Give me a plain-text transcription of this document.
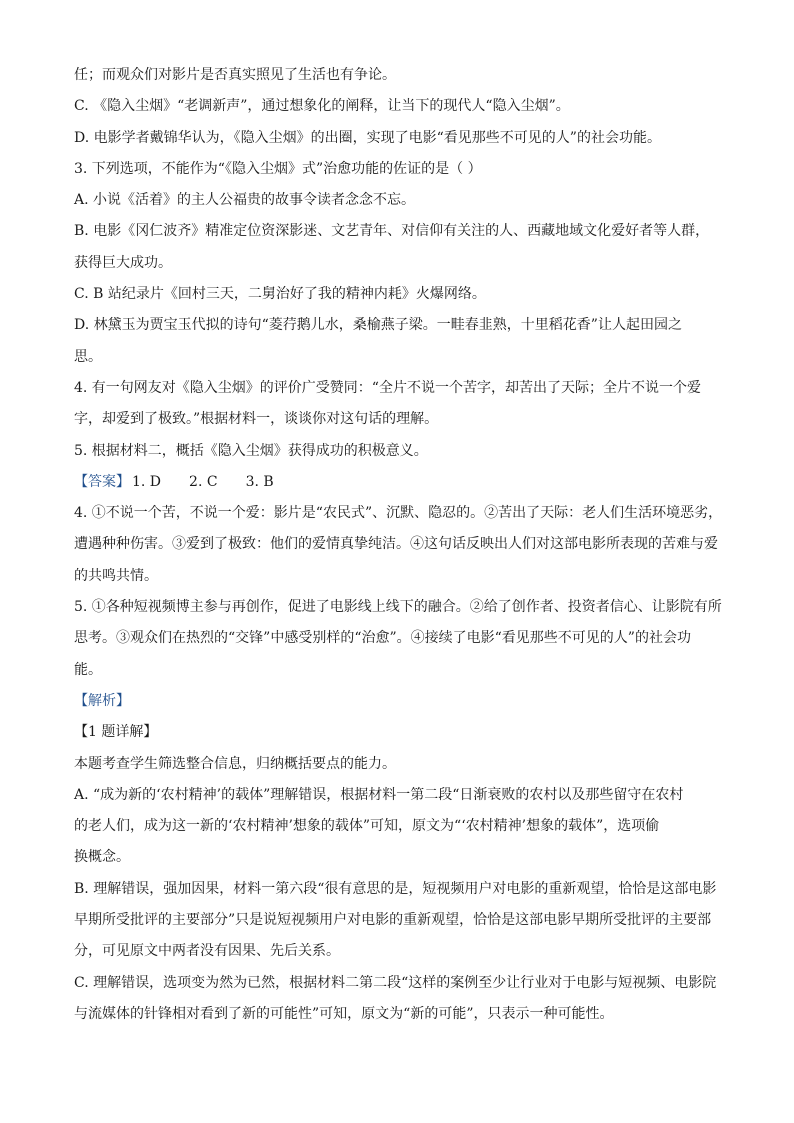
任；而观众们对影片是否真实照见了生活也有争论。
C. 《隐入尘烟》“老调新声”，通过想象化的阐释，让当下的现代人“隐入尘烟”。
D. 电影学者戴锦华认为，《隐入尘烟》的出圈，实现了电影“看见那些不可见的人”的社会功能。
3. 下列选项，不能作为“《隐入尘烟》式”治愈功能的佐证的是（ ）
A. 小说《活着》的主人公福贵的故事令读者念念不忘。
B. 电影《冈仁波齐》精准定位资深影迷、文艺青年、对信仰有关注的人、西藏地域文化爱好者等人群，
获得巨大成功。
C. B 站纪录片《回村三天，二舅治好了我的精神内耗》火爆网络。
D. 林黛玉为贾宝玉代拟的诗句“菱荇鹅儿水，桑榆燕子梁。一畦春韭熟，十里稻花香”让人起田园之
思。
4. 有一句网友对《隐入尘烟》的评价广受赞同：“全片不说一个苦字，却苦出了天际；全片不说一个爱
字，却爱到了极致。”根据材料一，谈谈你对这句话的理解。
5. 根据材料二，概括《隐入尘烟》获得成功的积极意义。
【答案】 1. D 2. C 3. B
4. ①不说一个苦，不说一个爱：影片是“农民式”、沉默、隐忍的。②苦出了天际：老人们生活环境恶劣，
遭遇种种伤害。③爱到了极致：他们的爱情真挚纯洁。④这句话反映出人们对这部电影所表现的苦难与爱
的共鸣共情。
5. ①各种短视频博主参与再创作，促进了电影线上线下的融合。②给了创作者、投资者信心、让影院有所
思考。③观众们在热烈的“交锋”中感受别样的“治愈”。④接续了电影“看见那些不可见的人”的社会功
能。
【解析】
【1 题详解】
本题考查学生筛选整合信息，归纳概括要点的能力。
A. “成为新的‘农村精神’的载体”理解错误，根据材料一第二段“日渐衰败的农村以及那些留守在农村
的老人们，成为这一新的‘农村精神’想象的载体”可知，原文为“‘农村精神’想象的载体”，选项偷
换概念。
B. 理解错误，强加因果，材料一第六段“很有意思的是，短视频用户对电影的重新观望，恰恰是这部电影
早期所受批评的主要部分”只是说短视频用户对电影的重新观望，恰恰是这部电影早期所受批评的主要部
分，可见原文中两者没有因果、先后关系。
C. 理解错误，选项变为然为已然，根据材料二第二段“这样的案例至少让行业对于电影与短视频、电影院
与流媒体的针锋相对看到了新的可能性”可知，原文为“新的可能”，只表示一种可能性。
